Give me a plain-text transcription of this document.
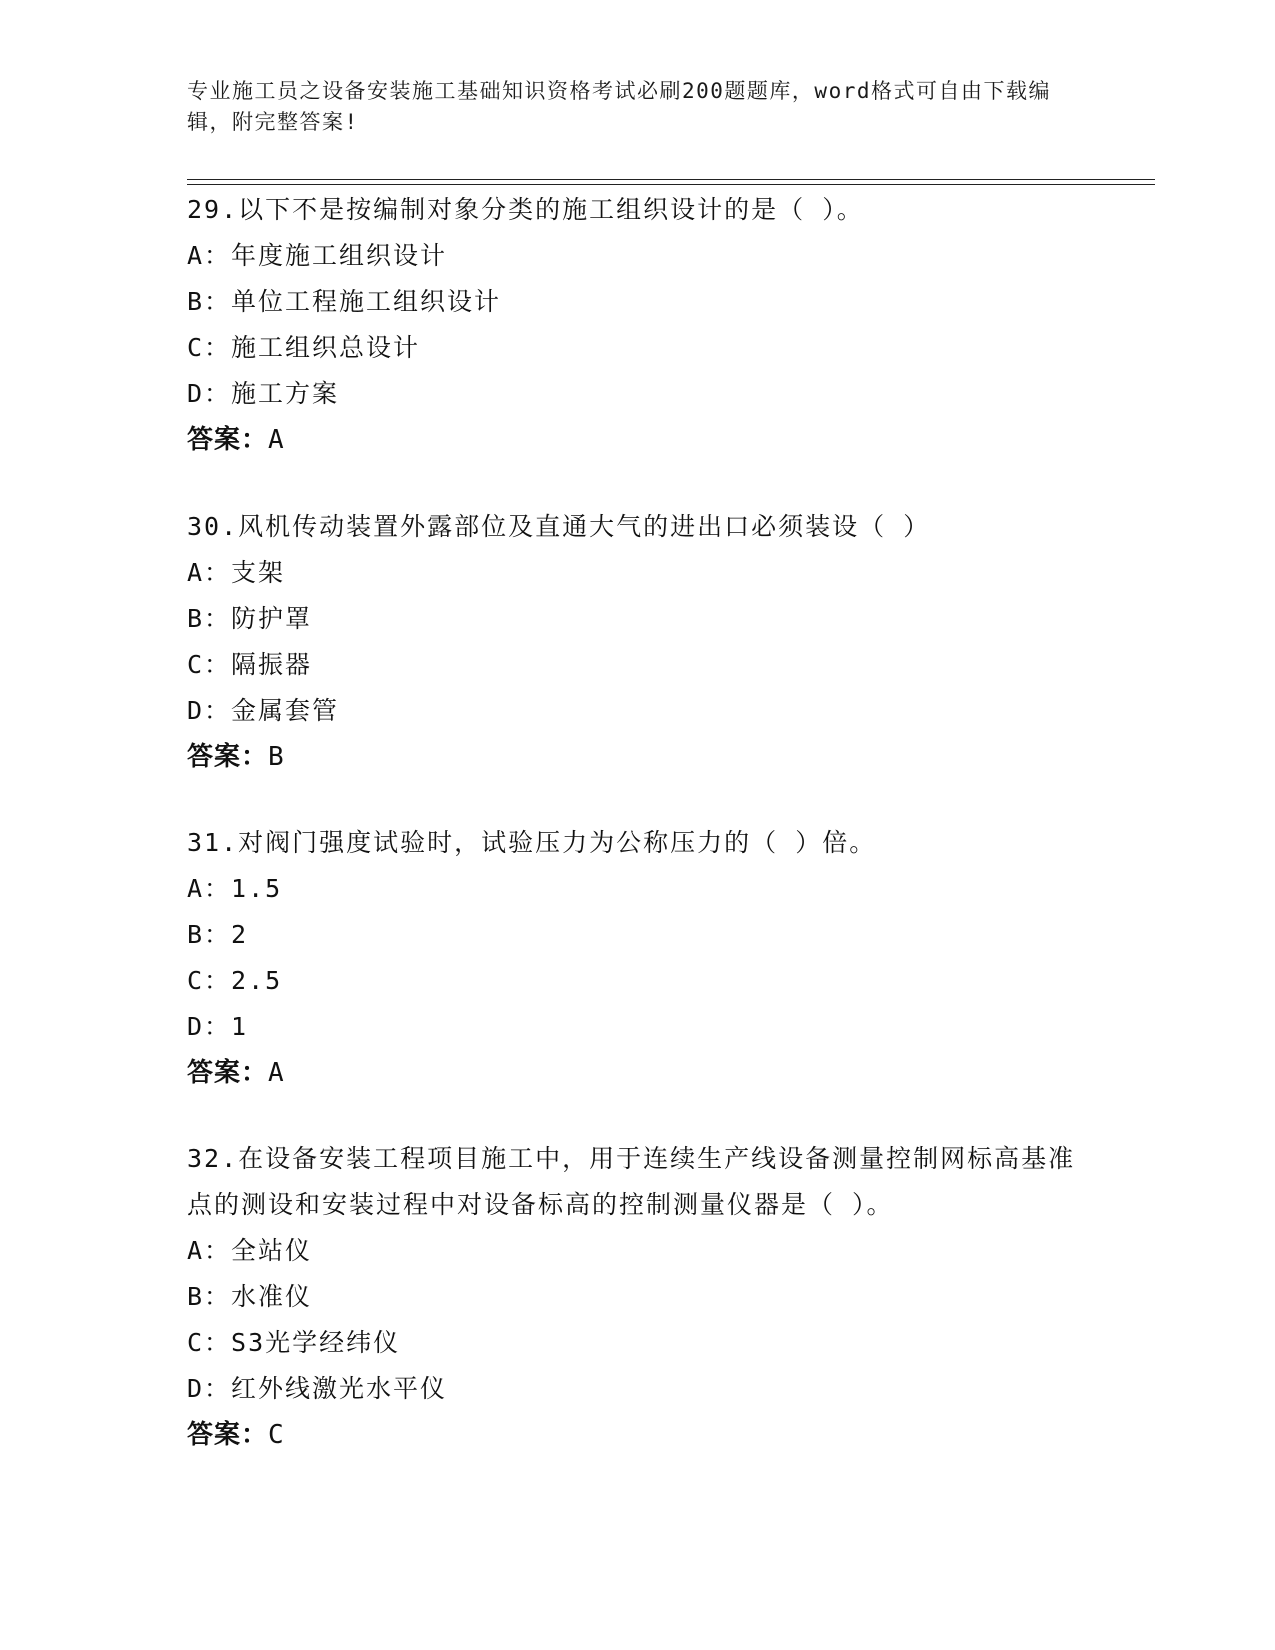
专业施工员之设备安装施工基础知识资格考试必刷200题题库，word格式可自由下载编辑，附完整答案!
29.以下不是按编制对象分类的施工组织设计的是（ ）。
A：年度施工组织设计
B：单位工程施工组织设计
C：施工组织总设计
D：施工方案
答案：A
30.风机传动装置外露部位及直通大气的进出口必须装设（ ）
A：支架
B：防护罩
C：隔振器
D：金属套管
答案：B
31.对阀门强度试验时，试验压力为公称压力的（ ）倍。
A：1.5
B：2
C：2.5
D：1
答案：A
32.在设备安装工程项目施工中，用于连续生产线设备测量控制网标高基准点的测设和安装过程中对设备标高的控制测量仪器是（ ）。
A：全站仪
B：水准仪
C：S3光学经纬仪
D：红外线激光水平仪
答案：C
